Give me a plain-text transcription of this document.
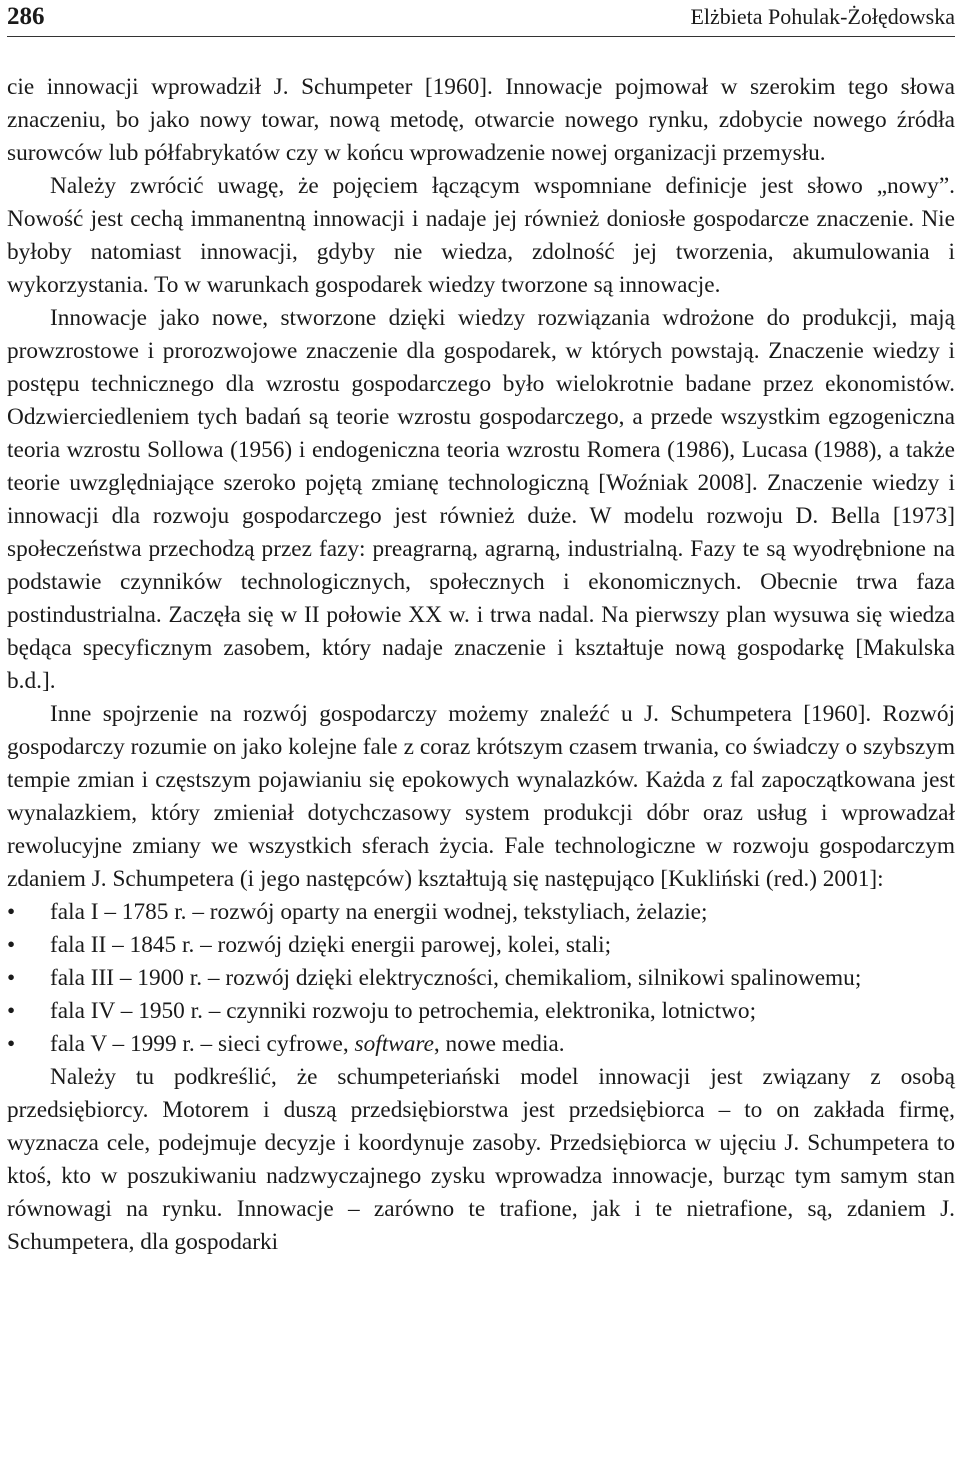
286	Elżbieta Pohulak-Żołędowska

cie innowacji wprowadził J. Schumpeter [1960]. Innowacje pojmował w szerokim tego słowa znaczeniu, bo jako nowy towar, nową metodę, otwarcie nowego rynku, zdobycie nowego źródła surowców lub półfabrykatów czy w końcu wprowadzenie nowej organizacji przemysłu.

Należy zwrócić uwagę, że pojęciem łączącym wspomniane definicje jest słowo „nowy”. Nowość jest cechą immanentną innowacji i nadaje jej również doniosłe gospodarcze znaczenie. Nie byłoby natomiast innowacji, gdyby nie wiedza, zdolność jej tworzenia, akumulowania i wykorzystania. To w warunkach gospodarek wiedzy tworzone są innowacje.

Innowacje jako nowe, stworzone dzięki wiedzy rozwiązania wdrożone do produkcji, mają prowzrostowe i prorozwojowe znaczenie dla gospodarek, w których powstają. Znaczenie wiedzy i postępu technicznego dla wzrostu gospodarczego było wielokrotnie badane przez ekonomistów. Odzwierciedleniem tych badań są teorie wzrostu gospodarczego, a przede wszystkim egzogeniczna teoria wzrostu Sollowa (1956) i endogeniczna teoria wzrostu Romera (1986), Lucasa (1988), a także teorie uwzględniające szeroko pojętą zmianę technologiczną [Woźniak 2008]. Znaczenie wiedzy i innowacji dla rozwoju gospodarczego jest również duże. W modelu rozwoju D. Bella [1973] społeczeństwa przechodzą przez fazy: preagrarną, agrarną, industrialną. Fazy te są wyodrębnione na podstawie czynników technologicznych, społecznych i ekonomicznych. Obecnie trwa faza postindustrialna. Zaczęła się w II połowie XX w. i trwa nadal. Na pierwszy plan wysuwa się wiedza będąca specyficznym zasobem, który nadaje znaczenie i kształtuje nową gospodarkę [Makulska b.d.].

Inne spojrzenie na rozwój gospodarczy możemy znaleźć u J. Schumpetera [1960]. Rozwój gospodarczy rozumie on jako kolejne fale z coraz krótszym czasem trwania, co świadczy o szybszym tempie zmian i częstszym pojawianiu się epokowych wynalazków. Każda z fal zapoczątkowana jest wynalazkiem, który zmieniał dotychczasowy system produkcji dóbr oraz usług i wprowadzał rewolucyjne zmiany we wszystkich sferach życia. Fale technologiczne w rozwoju gospodarczym zdaniem J. Schumpetera (i jego następców) kształtują się następująco [Kukliński (red.) 2001]:

• fala I – 1785 r. – rozwój oparty na energii wodnej, tekstyliach, żelazie;
• fala II – 1845 r. – rozwój dzięki energii parowej, kolei, stali;
• fala III – 1900 r. – rozwój dzięki elektryczności, chemikaliom, silnikowi spalinowemu;
• fala IV – 1950 r. – czynniki rozwoju to petrochemia, elektronika, lotnictwo;
• fala V – 1999 r. – sieci cyfrowe, software, nowe media.

Należy tu podkreślić, że schumpeteriański model innowacji jest związany z osobą przedsiębiorcy. Motorem i duszą przedsiębiorstwa jest przedsiębiorca – to on zakłada firmę, wyznacza cele, podejmuje decyzje i koordynuje zasoby. Przedsiębiorca w ujęciu J. Schumpetera to ktoś, kto w poszukiwaniu nadzwyczajnego zysku wprowadza innowacje, burząc tym samym stan równowagi na rynku. Innowacje – zarówno te trafione, jak i te nietrafione, są, zdaniem J. Schumpetera, dla gospodarki
